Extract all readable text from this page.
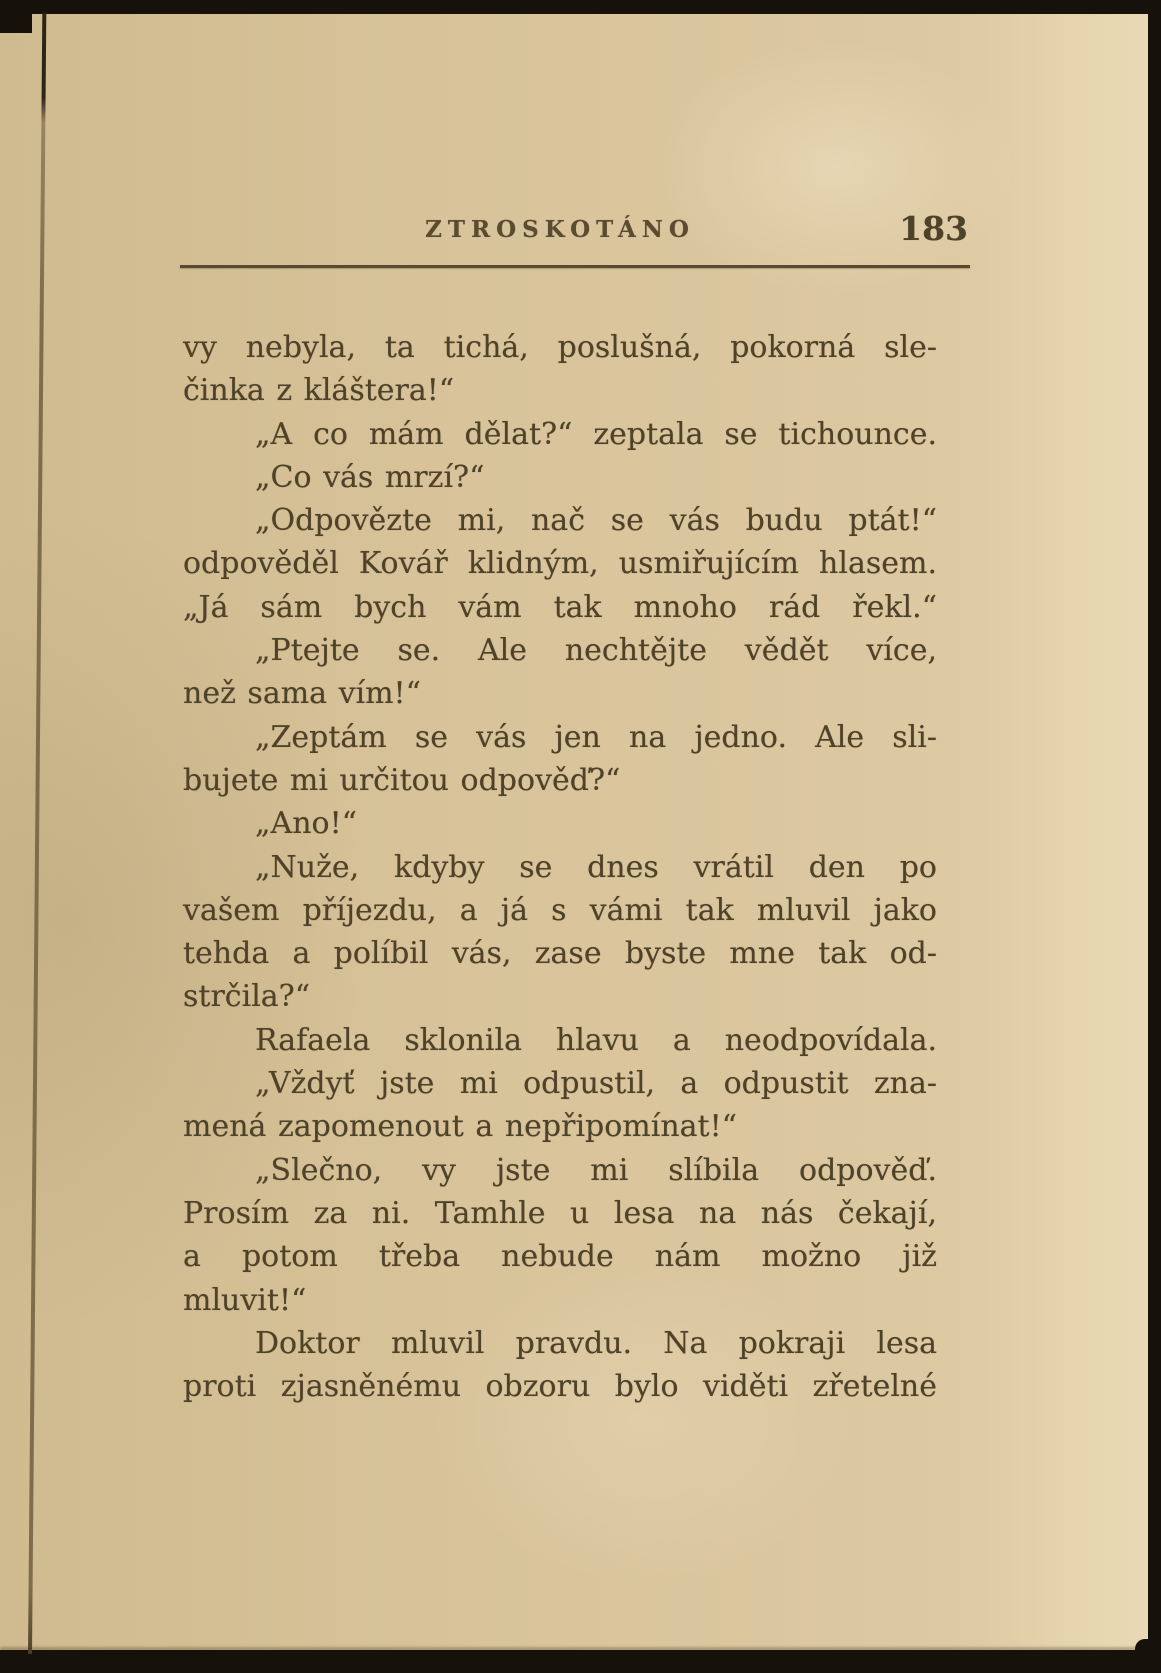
ZTROSKOTÁNO	183
vy nebyla, ta tichá, poslušná, pokorná sle-
činka z kláštera!“
„A co mám dělat?“ zeptala se tichounce.
„Co vás mrzí?“
„Odpovězte mi, nač se vás budu ptát!“
odpověděl Kovář klidným, usmiřujícím hlasem.
„Já sám bych vám tak mnoho rád řekl.“
„Ptejte se. Ale nechtějte vědět více,
než sama vím!“
„Zeptám se vás jen na jedno. Ale sli-
bujete mi určitou odpověď?“
„Ano!“
„Nuže, kdyby se dnes vrátil den po
vašem příjezdu, a já s vámi tak mluvil jako
tehda a políbil vás, zase byste mne tak od-
strčila?“
Rafaela sklonila hlavu a neodpovídala.
„Vždyť jste mi odpustil, a odpustit zna-
mená zapomenout a nepřipomínat!“
„Slečno, vy jste mi slíbila odpověď.
Prosím za ni. Tamhle u lesa na nás čekají,
a potom třeba nebude nám možno již
mluvit!“
Doktor mluvil pravdu. Na pokraji lesa
proti zjasněnému obzoru bylo viděti zřetelné
